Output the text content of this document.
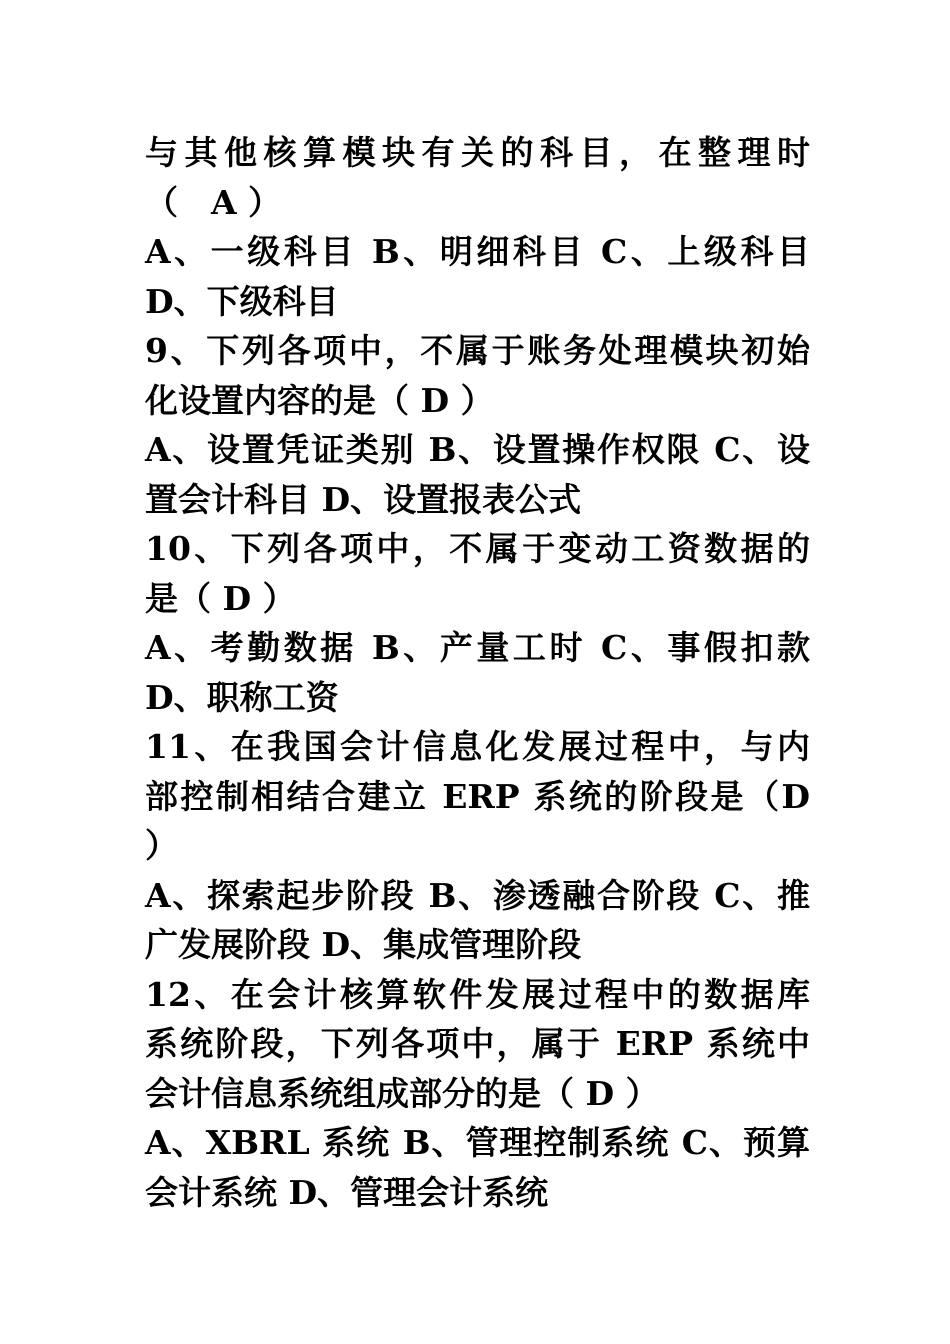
与其他核算模块有关的科目，在整理时
（　A ）
A、一级科目 B、明细科目 C、上级科目
D、下级科目
9、下列各项中，不属于账务处理模块初始
化设置内容的是（ D ）
A、设置凭证类别 B、设置操作权限 C、设
置会计科目 D、设置报表公式
10、下列各项中，不属于变动工资数据的
是（ D ）
A、考勤数据 B、产量工时 C、事假扣款
D、职称工资
11、在我国会计信息化发展过程中，与内
部控制相结合建立 ERP 系统的阶段是（D
）
A、探索起步阶段 B、渗透融合阶段 C、推
广发展阶段 D、集成管理阶段
12、在会计核算软件发展过程中的数据库
系统阶段，下列各项中，属于 ERP 系统中
会计信息系统组成部分的是（ D ）
A、XBRL 系统 B、管理控制系统 C、预算
会计系统 D、管理会计系统
